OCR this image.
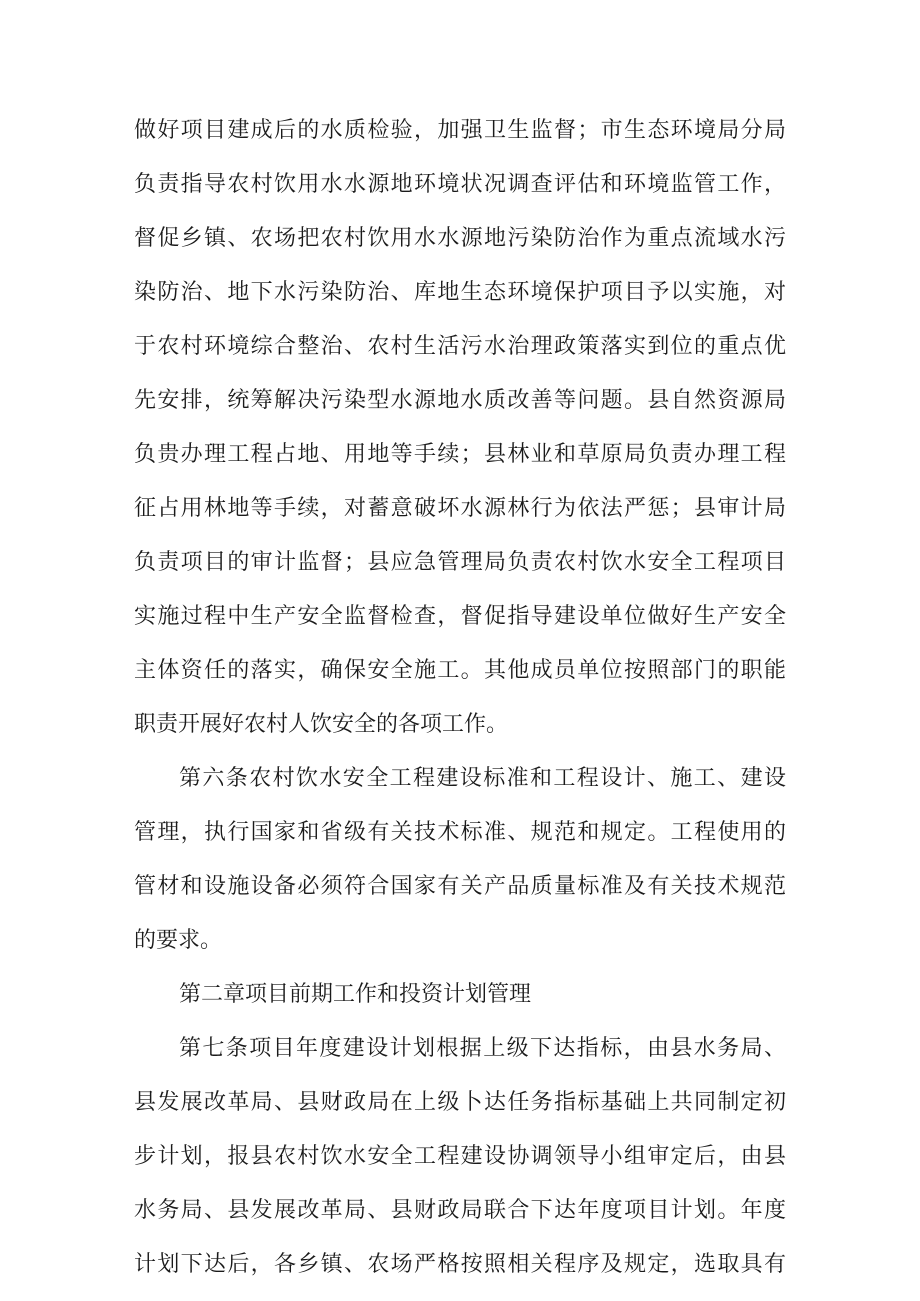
做好项目建成后的水质检验，加强卫生监督；市生态环境局分局
负责指导农村饮用水水源地环境状况调查评估和环境监管工作，
督促乡镇、农场把农村饮用水水源地污染防治作为重点流域水污
染防治、地下水污染防治、库地生态环境保护项目予以实施，对
于农村环境综合整治、农村生活污水治理政策落实到位的重点优
先安排，统筹解决污染型水源地水质改善等问题。县自然资源局
负贵办理工程占地、用地等手续；县林业和草原局负责办理工程
征占用林地等手续，对蓄意破坏水源林行为依法严惩；县审计局
负责项目的审计监督；县应急管理局负责农村饮水安全工程项目
实施过程中生产安全监督检查，督促指导建设单位做好生产安全
主体资任的落实，确保安全施工。其他成员单位按照部门的职能
职责开展好农村人饮安全的各项工作。
第六条农村饮水安全工程建设标准和工程设计、施工、建设
管理，执行国家和省级有关技术标准、规范和规定。工程使用的
管材和设施设备必须符合国家有关产品质量标准及有关技术规范
的要求。
第二章项目前期工作和投资计划管理
第七条项目年度建设计划根据上级下达指标，由县水务局、
县发展改革局、县财政局在上级卜达任务指标基础上共同制定初
步计划，报县农村饮水安全工程建设协调领导小组审定后，由县
水务局、县发展改革局、县财政局联合下达年度项目计划。年度
计划下达后，各乡镇、农场严格按照相关程序及规定，选取具有
